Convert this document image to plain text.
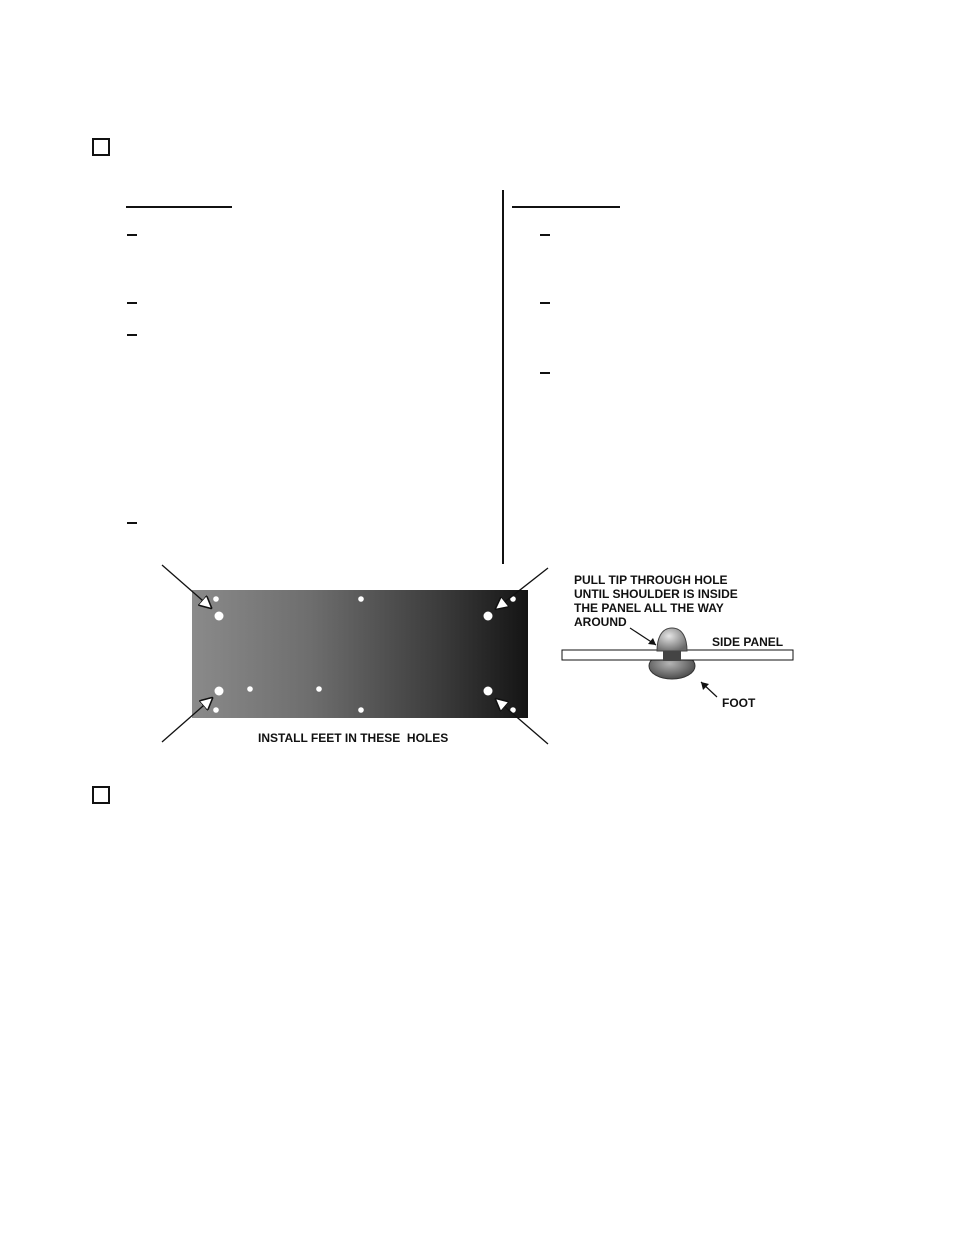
INSTALL FEET IN THESE  HOLES
PULL TIP THROUGH HOLE
UNTIL SHOULDER IS INSIDE
THE PANEL ALL THE WAY
AROUND
SIDE PANEL
FOOT
